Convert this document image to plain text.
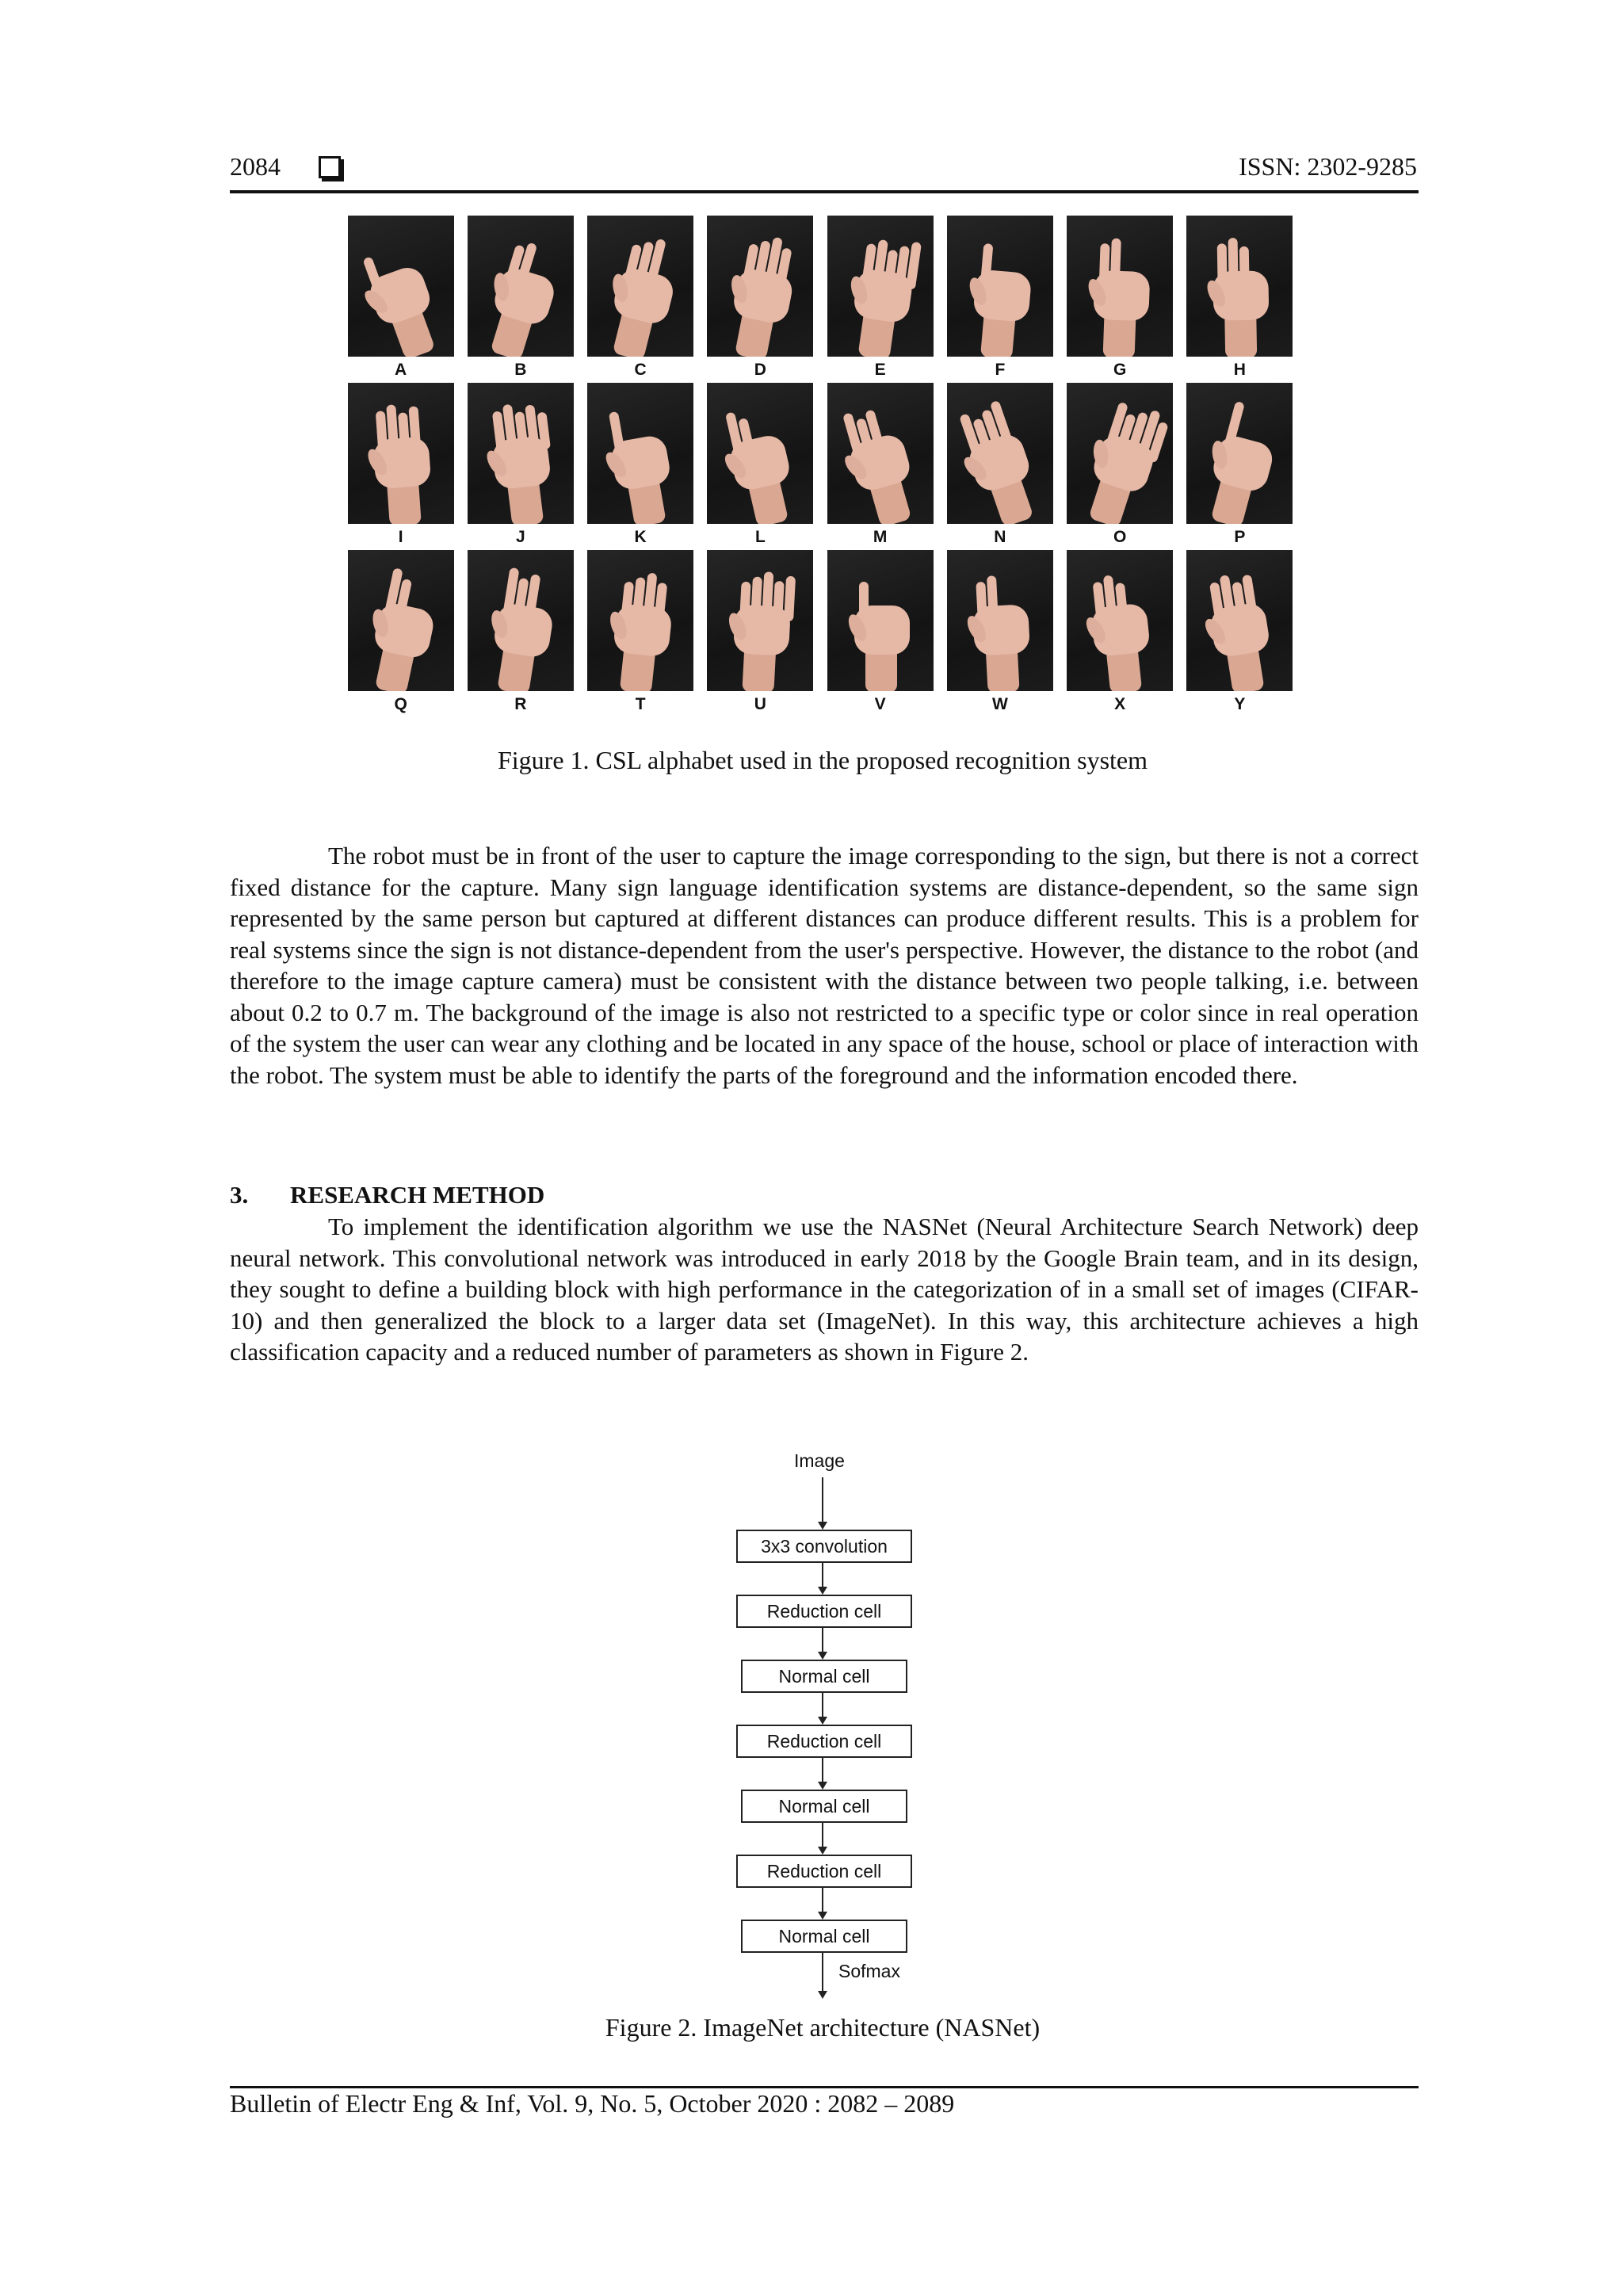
2084	ISSN: 2302-9285
A	B	C	D	E	F	G	H
I	J	K	L	M	N	O	P
Q	R	T	U	V	W	X	Y
Figure 1. CSL alphabet used in the proposed recognition system
The robot must be in front of the user to capture the image corresponding to the sign, but there is not a correct fixed distance for the capture. Many sign language identification systems are distance-dependent, so the same sign represented by the same person but captured at different distances can produce different results. This is a problem for real systems since the sign is not distance-dependent from the user's perspective. However, the distance to the robot (and therefore to the image capture camera) must be consistent with the distance between two people talking, i.e. between about 0.2 to 0.7 m. The background of the image is also not restricted to a specific type or color since in real operation of the system the user can wear any clothing and be located in any space of the house, school or place of interaction with the robot. The system must be able to identify the parts of the foreground and the information encoded there.
3. RESEARCH METHOD
To implement the identification algorithm we use the NASNet (Neural Architecture Search Network) deep neural network. This convolutional network was introduced in early 2018 by the Google Brain team, and in its design, they sought to define a building block with high performance in the categorization of in a small set of images (CIFAR-10) and then generalized the block to a larger data set (ImageNet). In this way, this architecture achieves a high classification capacity and a reduced number of parameters as shown in Figure 2.
Image
Sofmax
3x3 convolution
Reduction cell
Normal cell
Reduction cell
Normal cell
Reduction cell
Normal cell
Figure 2. ImageNet architecture (NASNet)
Bulletin of Electr Eng & Inf, Vol. 9, No. 5, October 2020 : 2082 – 2089
